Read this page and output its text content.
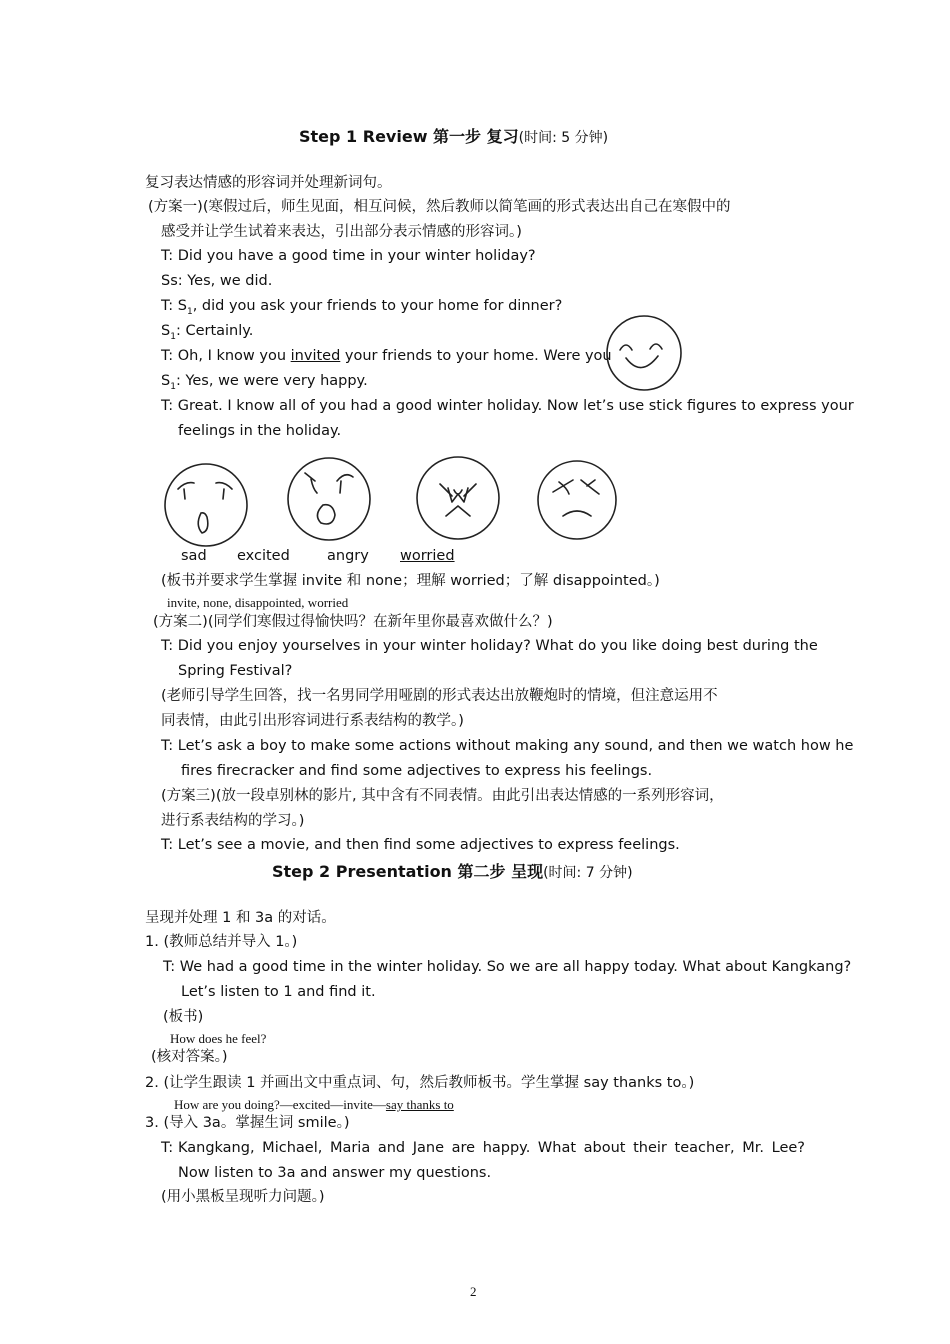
Step 1 Review 第一步 复习(时间: 5 分钟)
复习表达情感的形容词并处理新词句。
(方案一)(寒假过后，师生见面，相互问候，然后教师以简笔画的形式表达出自己在寒假中的
感受并让学生试着来表达，引出部分表示情感的形容词。)
T: Did you have a good time in your winter holiday?
Ss: Yes, we did.
T: $S_1$, did you ask your friends to your home for dinner?
$S_1$: Certainly.
T: Oh, I know you invited your friends to your home. Were you
$S_1$: Yes, we were very happy.
T: Great. I know all of you had a good winter holiday. Now let’s use stick figures to express your
feelings in the holiday.
sad excited	angry worried
(板书并要求学生掌握 invite 和 none；理解 worried；了解 disappointed。)
invite, none, disappointed, worried
(方案二)(同学们寒假过得愉快吗？在新年里你最喜欢做什么？)
T: Did you enjoy yourselves in your winter holiday? What do you like doing best during the
Spring Festival?
(老师引导学生回答，找一名男同学用哑剧的形式表达出放鞭炮时的情境，但注意运用不
同表情，由此引出形容词进行系表结构的教学。)
T: Let’s ask a boy to make some actions without making any sound, and then we watch how he
fires firecracker and find some adjectives to express his feelings.
(方案三)(放一段卓别林的影片, 其中含有不同表情。由此引出表达情感的一系列形容词，
进行系表结构的学习。)
T: Let’s see a movie, and then find some adjectives to express feelings.
Step 2 Presentation 第二步 呈现(时间: 7 分钟)
呈现并处理 1 和 3a 的对话。
1. (教师总结并导入 1。)
T: We had a good time in the winter holiday. So we are all happy today. What about Kangkang?
Let’s listen to 1 and find it.
(板书)
How does he feel?
(核对答案。)
2. (让学生跟读 1 并画出文中重点词、句，然后教师板书。学生掌握 say thanks to。)
How are you doing?—excited—invite—say thanks to
3. (导入 3a。掌握生词 smile。)
T: Kangkang, Michael, Maria and Jane are happy. What about their teacher, Mr. Lee? Now listen to 3a and answer my questions.
(用小黑板呈现听力问题。)
2
